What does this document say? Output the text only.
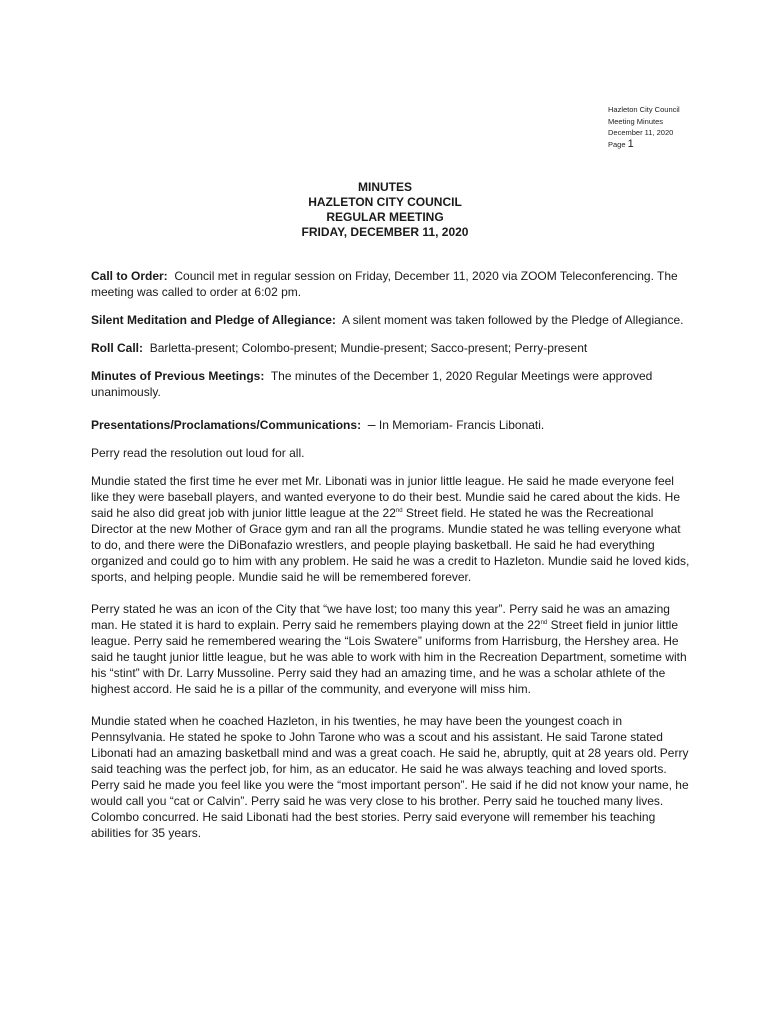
Hazleton City Council
Meeting Minutes
December 11, 2020
Page 1
MINUTES
HAZLETON CITY COUNCIL
REGULAR MEETING
FRIDAY, DECEMBER 11, 2020

Call to Order: Council met in regular session on Friday, December 11, 2020 via ZOOM Teleconferencing. The meeting was called to order at 6:02 pm.

Silent Meditation and Pledge of Allegiance: A silent moment was taken followed by the Pledge of Allegiance.

Roll Call: Barletta-present; Colombo-present; Mundie-present; Sacco-present; Perry-present

Minutes of Previous Meetings: The minutes of the December 1, 2020 Regular Meetings were approved unanimously.

Presentations/Proclamations/Communications: – In Memoriam- Francis Libonati.

Perry read the resolution out loud for all.

Mundie stated the first time he ever met Mr. Libonati was in junior little league. He said he made everyone feel like they were baseball players, and wanted everyone to do their best. Mundie said he cared about the kids. He said he also did great job with junior little league at the 22nd Street field. He stated he was the Recreational Director at the new Mother of Grace gym and ran all the programs. Mundie stated he was telling everyone what to do, and there were the DiBonafazio wrestlers, and people playing basketball. He said he had everything organized and could go to him with any problem. He said he was a credit to Hazleton. Mundie said he loved kids, sports, and helping people. Mundie said he will be remembered forever.

Perry stated he was an icon of the City that “we have lost; too many this year”. Perry said he was an amazing man. He stated it is hard to explain. Perry said he remembers playing down at the 22nd Street field in junior little league. Perry said he remembered wearing the “Lois Swatere” uniforms from Harrisburg, the Hershey area. He said he taught junior little league, but he was able to work with him in the Recreation Department, sometime with his “stint” with Dr. Larry Mussoline. Perry said they had an amazing time, and he was a scholar athlete of the highest accord. He said he is a pillar of the community, and everyone will miss him.

Mundie stated when he coached Hazleton, in his twenties, he may have been the youngest coach in Pennsylvania. He stated he spoke to John Tarone who was a scout and his assistant. He said Tarone stated Libonati had an amazing basketball mind and was a great coach. He said he, abruptly, quit at 28 years old. Perry said teaching was the perfect job, for him, as an educator. He said he was always teaching and loved sports. Perry said he made you feel like you were the “most important person”. He said if he did not know your name, he would call you “cat or Calvin”. Perry said he was very close to his brother. Perry said he touched many lives. Colombo concurred. He said Libonati had the best stories. Perry said everyone will remember his teaching abilities for 35 years.
